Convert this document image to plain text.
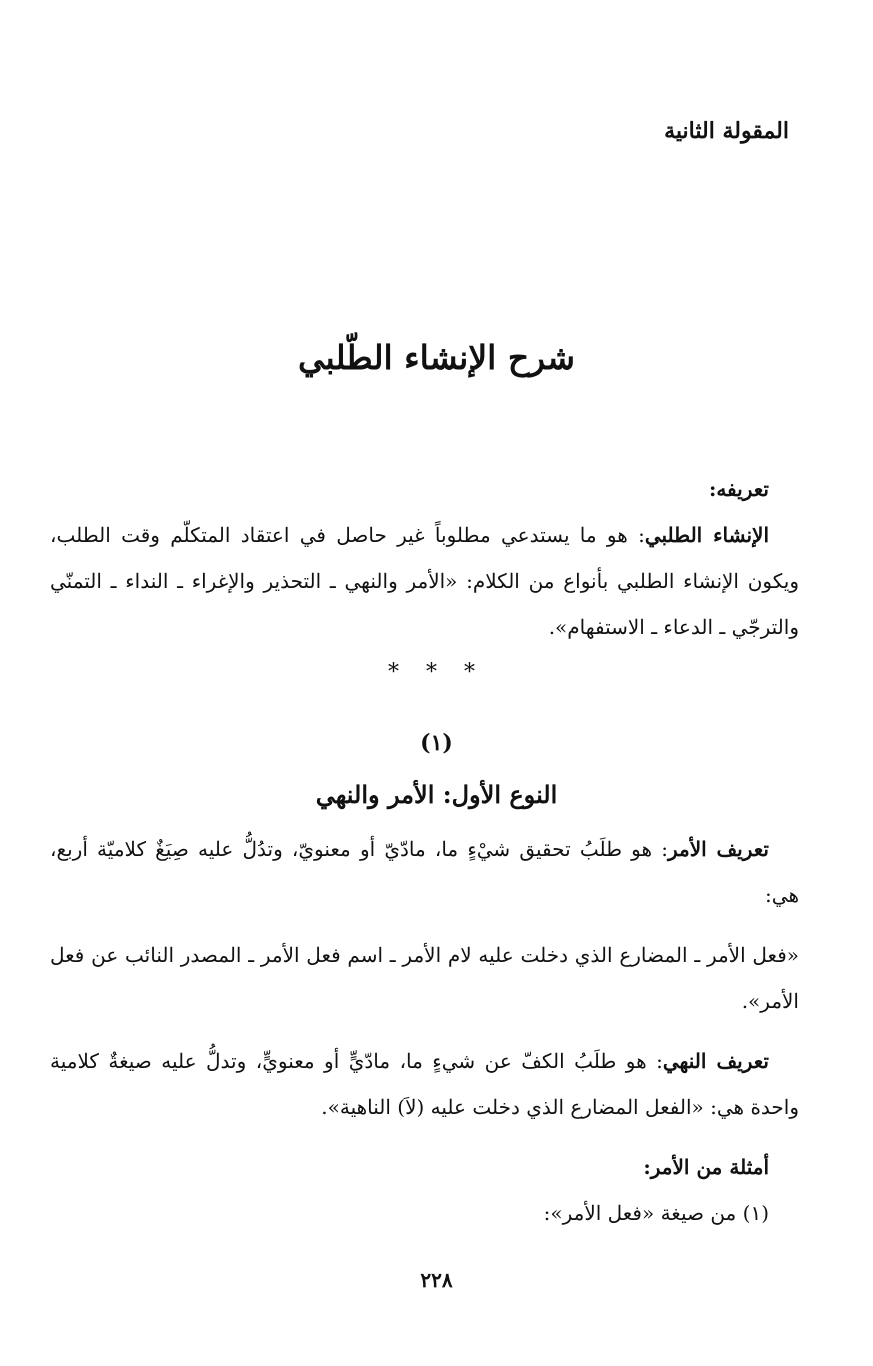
المقولة الثانية

شرح الإنشاء الطّلبي
تعريفه:
الإنشاء الطلبي: هو ما يستدعي مطلوباً غير حاصل في اعتقاد المتكلّم وقت الطلب، ويكون الإنشاء الطلبي بأنواع من الكلام: «الأمر والنهي ـ التحذير والإغراء ـ النداء ـ التمنّي والترجّي ـ الدعاء ـ الاستفهام».

* * *

(١)

النوع الأول: الأمر والنهي

تعريف الأمر: هو طلَبُ تحقيق شيْءٍ ما، مادّيّ أو معنويّ، وتدُلُّ عليه صِيَغٌ كلاميّة أربع، هي:
«فعل الأمر ـ المضارع الذي دخلت عليه لام الأمر ـ اسم فعل الأمر ـ المصدر النائب عن فعل الأمر».
تعريف النهي: هو طلَبُ الكفّ عن شيءٍ ما، مادّيٍّ أو معنويٍّ، وتدلُّ عليه صيغةٌ كلامية واحدة هي: «الفعل المضارع الذي دخلت عليه (لاَ) الناهية».
أمثلة من الأمر:
(١) من صيغة «فعل الأمر»:

٢٢٨
